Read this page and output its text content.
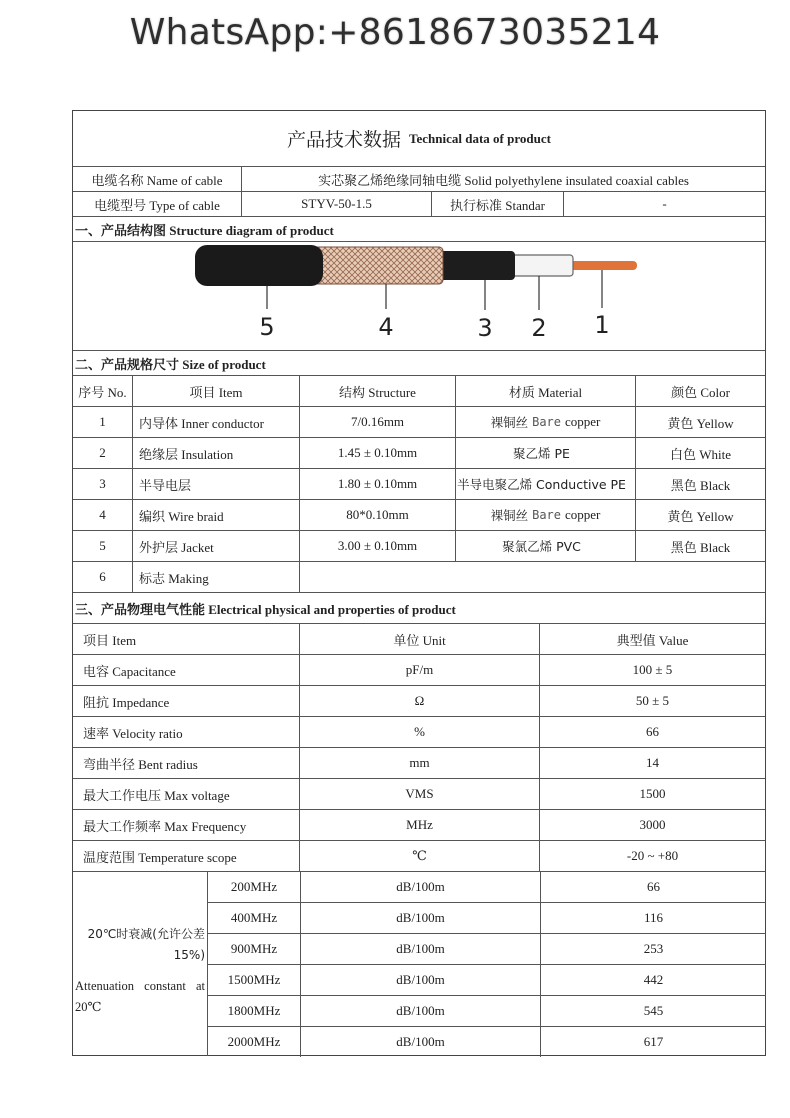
WhatsApp:+8618673035214
产品技术数据 Technical data of product
电缆名称 Name of cable	实芯聚乙烯绝缘同轴电缆 Solid polyethylene insulated coaxial cables
电缆型号 Type of cable	STYV-50-1.5	执行标准 Standar	-
一、产品结构图 Structure diagram of product
5	4	3 2 1
二、产品规格尺寸 Size of product
序号 No.	项目 Item	结构 Structure	材质 Material	颜色 Color
1	内导体 Inner conductor	7/0.16mm	裸铜丝 Bare copper	黄色 Yellow
2	绝缘层 Insulation	1.45 ± 0.10mm	聚乙烯 PE	白色 White
3	半导电层	1.80 ± 0.10mm	半导电聚乙烯 Conductive PE	黑色 Black
4	编织 Wire braid	80*0.10mm	裸铜丝 Bare copper	黄色 Yellow
5	外护层 Jacket	3.00 ± 0.10mm	聚氯乙烯 PVC	黑色 Black
6	标志 Making
三、产品物理电气性能 Electrical physical and properties of product
项目 Item	单位 Unit	典型值 Value
电容 Capacitance	pF/m	100 ± 5
阻抗 Impedance	Ω	50 ± 5
速率 Velocity ratio	%	66
弯曲半径 Bent radius	mm	14
最大工作电压 Max voltage	VMS	1500
最大工作频率 Max Frequency	MHz	3000
温度范围 Temperature scope	℃	-20 ~ +80
20℃时衰减(允许公差 15%)
Attenuation constant at 20℃
200MHz	dB/100m	66
400MHz	dB/100m	116
900MHz	dB/100m	253
1500MHz	dB/100m	442
1800MHz	dB/100m	545
2000MHz	dB/100m	617
